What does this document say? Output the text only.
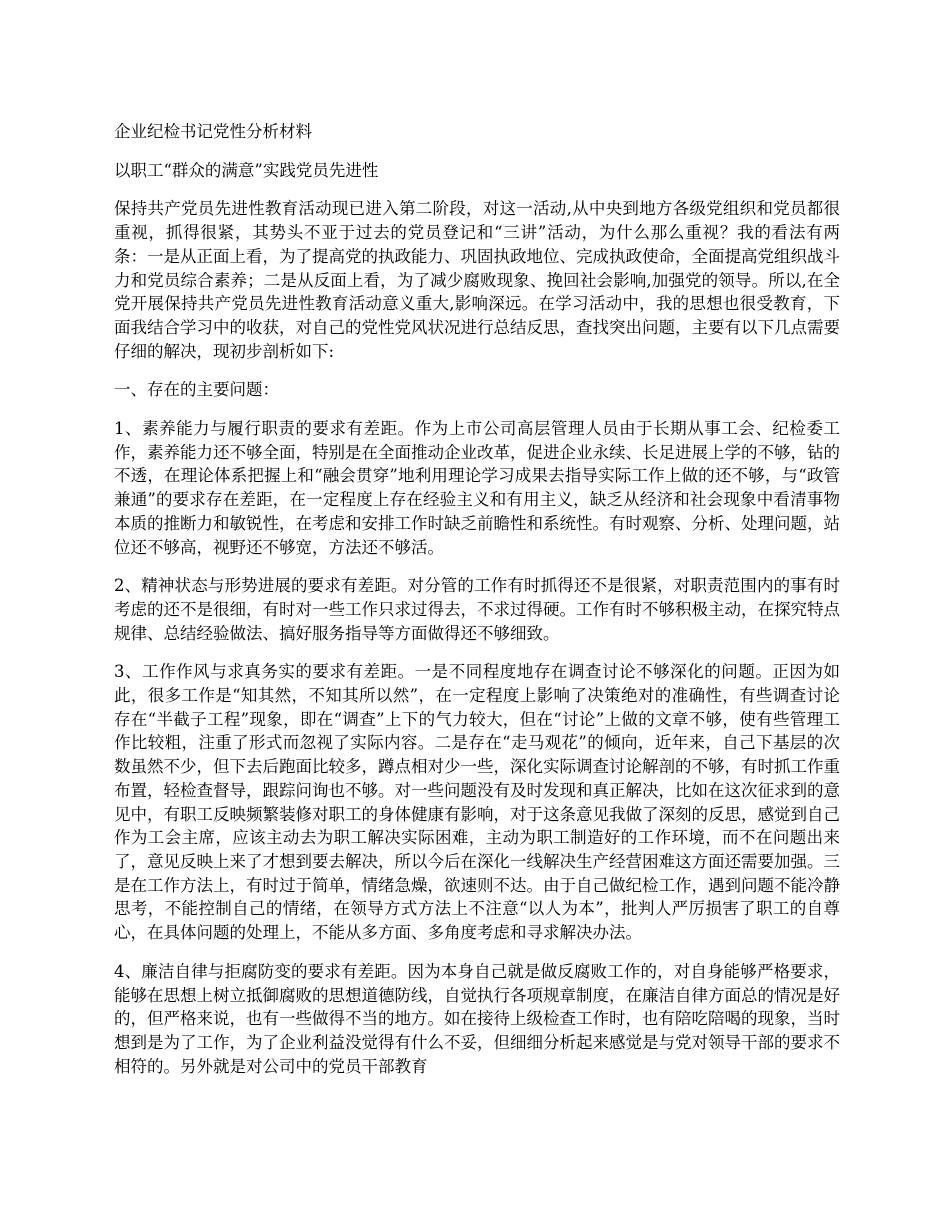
企业纪检书记党性分析材料
以职工“群众的满意”实践党员先进性

保持共产党员先进性教育活动现已进入第二阶段，对这一活动,从中央到地方各级党组织和党员都很重视，抓得很紧，其势头不亚于过去的党员登记和“三讲”活动，为什么那么重视？我的看法有两条：一是从正面上看，为了提高党的执政能力、巩固执政地位、完成执政使命，全面提高党组织战斗力和党员综合素养；二是从反面上看，为了减少腐败现象、挽回社会影响,加强党的领导。所以,在全党开展保持共产党员先进性教育活动意义重大,影响深远。在学习活动中，我的思想也很受教育，下面我结合学习中的收获，对自己的党性党风状况进行总结反思，查找突出问题，主要有以下几点需要仔细的解决，现初步剖析如下:

一、存在的主要问题：

1、素养能力与履行职责的要求有差距。作为上市公司高层管理人员由于长期从事工会、纪检委工作，素养能力还不够全面，特别是在全面推动企业改革，促进企业永续、长足进展上学的不够，钻的不透，在理论体系把握上和“融会贯穿”地利用理论学习成果去指导实际工作上做的还不够，与“政管兼通”的要求存在差距，在一定程度上存在经验主义和有用主义，缺乏从经济和社会现象中看清事物本质的推断力和敏锐性，在考虑和安排工作时缺乏前瞻性和系统性。有时观察、分析、处理问题，站位还不够高，视野还不够宽，方法还不够活。

2、精神状态与形势进展的要求有差距。对分管的工作有时抓得还不是很紧，对职责范围内的事有时考虑的还不是很细，有时对一些工作只求过得去，不求过得硬。工作有时不够积极主动，在探究特点规律、总结经验做法、搞好服务指导等方面做得还不够细致。

3、工作作风与求真务实的要求有差距。一是不同程度地存在调查讨论不够深化的问题。正因为如此，很多工作是“知其然，不知其所以然”，在一定程度上影响了决策绝对的准确性，有些调查讨论存在“半截子工程”现象，即在“调查”上下的气力较大，但在“讨论”上做的文章不够，使有些管理工作比较粗，注重了形式而忽视了实际内容。二是存在“走马观花”的倾向，近年来，自己下基层的次数虽然不少，但下去后跑面比较多，蹲点相对少一些，深化实际调查讨论解剖的不够，有时抓工作重布置，轻检查督导，跟踪问询也不够。对一些问题没有及时发现和真正解决，比如在这次征求到的意见中，有职工反映频繁装修对职工的身体健康有影响，对于这条意见我做了深刻的反思，感觉到自己作为工会主席，应该主动去为职工解决实际困难，主动为职工制造好的工作环境，而不在问题出来了，意见反映上来了才想到要去解决，所以今后在深化一线解决生产经营困难这方面还需要加强。三是在工作方法上，有时过于简单，情绪急燥，欲速则不达。由于自己做纪检工作，遇到问题不能冷静思考，不能控制自己的情绪，在领导方式方法上不注意“以人为本”，批判人严厉损害了职工的自尊心，在具体问题的处理上，不能从多方面、多角度考虑和寻求解决办法。

4、廉洁自律与拒腐防变的要求有差距。因为本身自己就是做反腐败工作的，对自身能够严格要求，能够在思想上树立抵御腐败的思想道德防线，自觉执行各项规章制度，在廉洁自律方面总的情况是好的，但严格来说，也有一些做得不当的地方。如在接待上级检查工作时，也有陪吃陪喝的现象，当时想到是为了工作，为了企业利益没觉得有什么不妥，但细细分析起来感觉是与党对领导干部的要求不相符的。另外就是对公司中的党员干部教育
